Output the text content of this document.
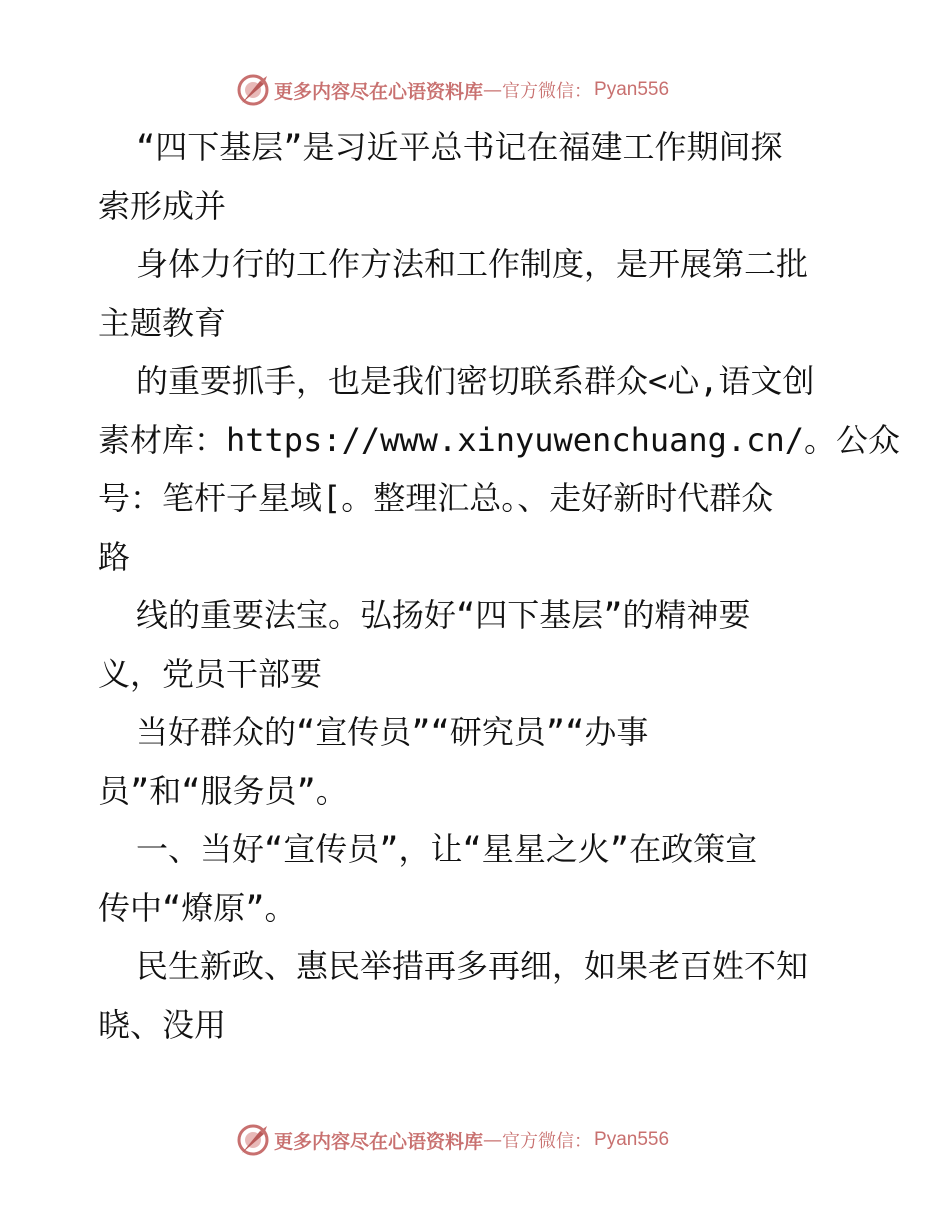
更多内容尽在心语资料库 — 官方微信： Pyan556
“四下基层”是习近平总书记在福建工作期间探
索形成并
身体力行的工作方法和工作制度，是开展第二批
主题教育
的重要抓手，也是我们密切联系群众<心,语文创
素材库：https://www.xinyuwenchuang.cn/。公众
号：笔杆子星域[。整理汇总。、走好新时代群众
路
线的重要法宝。弘扬好“四下基层”的精神要
义，党员干部要
当好群众的“宣传员”“研究员”“办事
员”和“服务员”。
一、当好“宣传员”，让“星星之火”在政策宣
传中“燎原”。
民生新政、惠民举措再多再细，如果老百姓不知
晓、没用
更多内容尽在心语资料库 — 官方微信： Pyan556
